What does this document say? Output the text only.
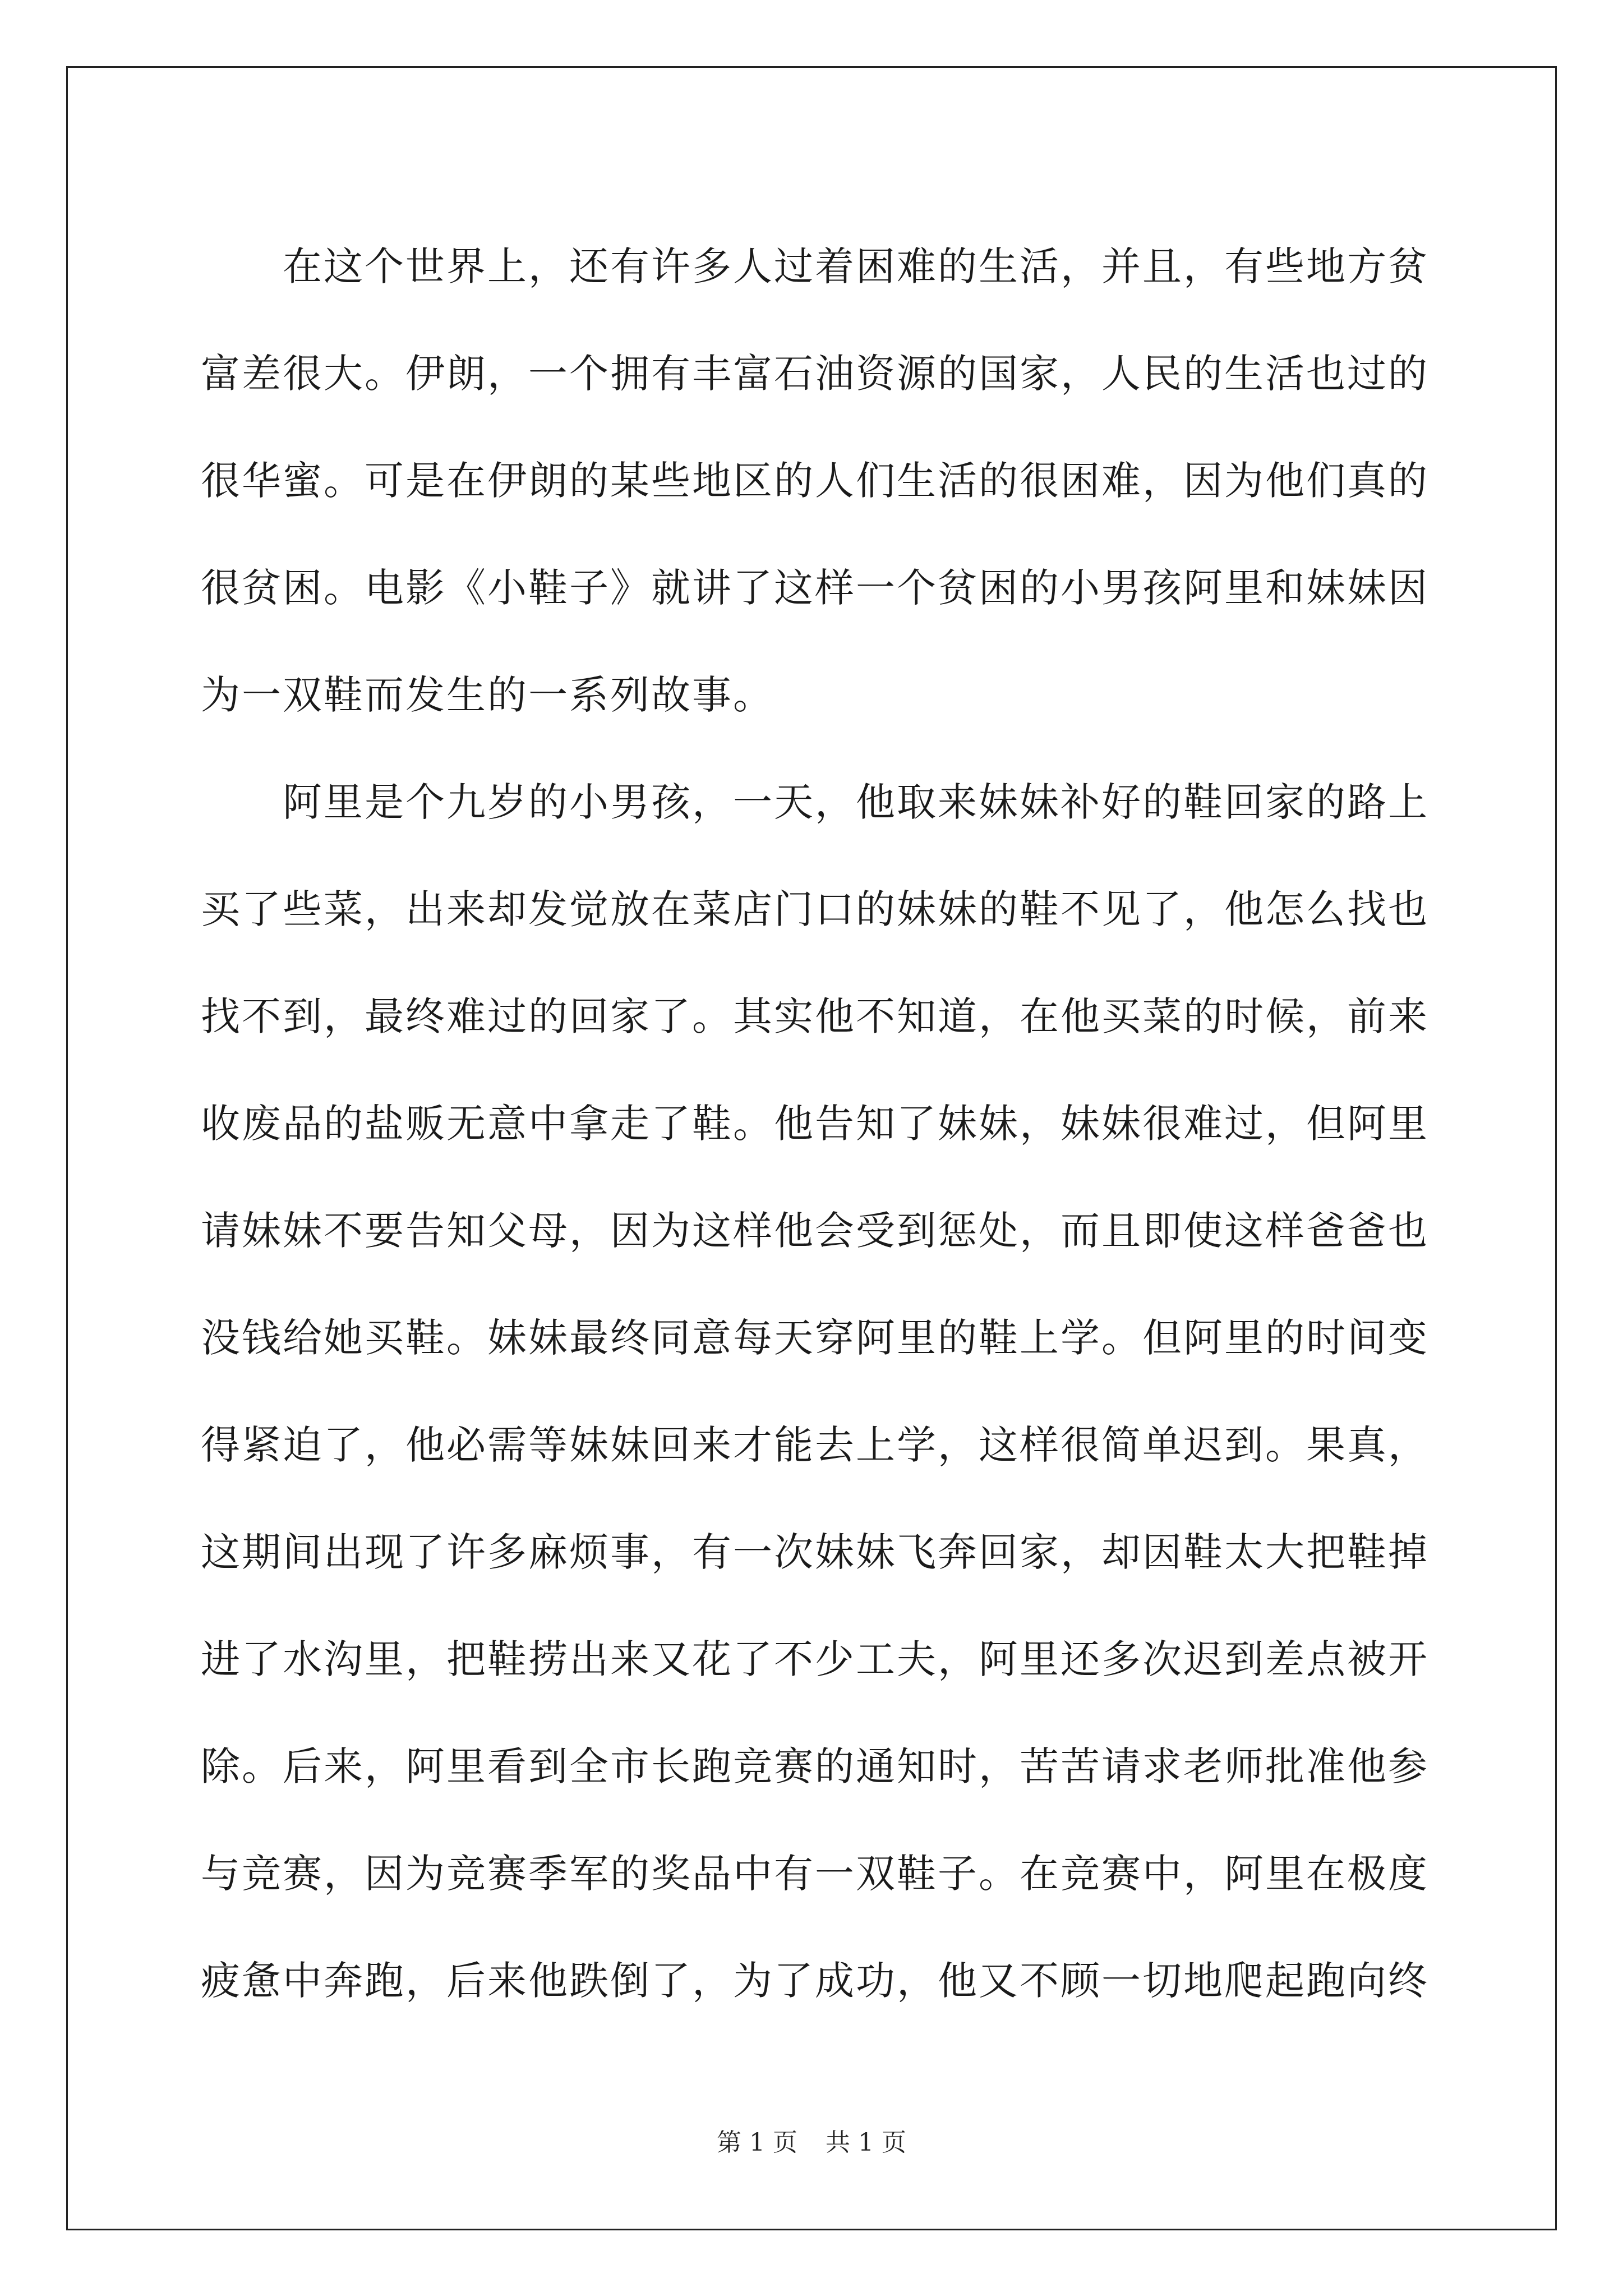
在这个世界上，还有许多人过着困难的生活，并且，有些地方贫富差很大。伊朗，一个拥有丰富石油资源的国家，人民的生活也过的很华蜜。可是在伊朗的某些地区的人们生活的很困难，因为他们真的很贫困。电影《小鞋子》就讲了这样一个贫困的小男孩阿里和妹妹因为一双鞋而发生的一系列故事。

阿里是个九岁的小男孩，一天，他取来妹妹补好的鞋回家的路上买了些菜，出来却发觉放在菜店门口的妹妹的鞋不见了，他怎么找也找不到，最终难过的回家了。其实他不知道，在他买菜的时候，前来收废品的盐贩无意中拿走了鞋。他告知了妹妹，妹妹很难过，但阿里请妹妹不要告知父母，因为这样他会受到惩处，而且即使这样爸爸也没钱给她买鞋。妹妹最终同意每天穿阿里的鞋上学。但阿里的时间变得紧迫了，他必需等妹妹回来才能去上学，这样很简单迟到。果真，这期间出现了许多麻烦事，有一次妹妹飞奔回家，却因鞋太大把鞋掉进了水沟里，把鞋捞出来又花了不少工夫，阿里还多次迟到差点被开除。后来，阿里看到全市长跑竞赛的通知时，苦苦请求老师批准他参与竞赛，因为竞赛季军的奖品中有一双鞋子。在竞赛中，阿里在极度疲惫中奔跑，后来他跌倒了，为了成功，他又不顾一切地爬起跑向终

第 1 页 共 1 页
